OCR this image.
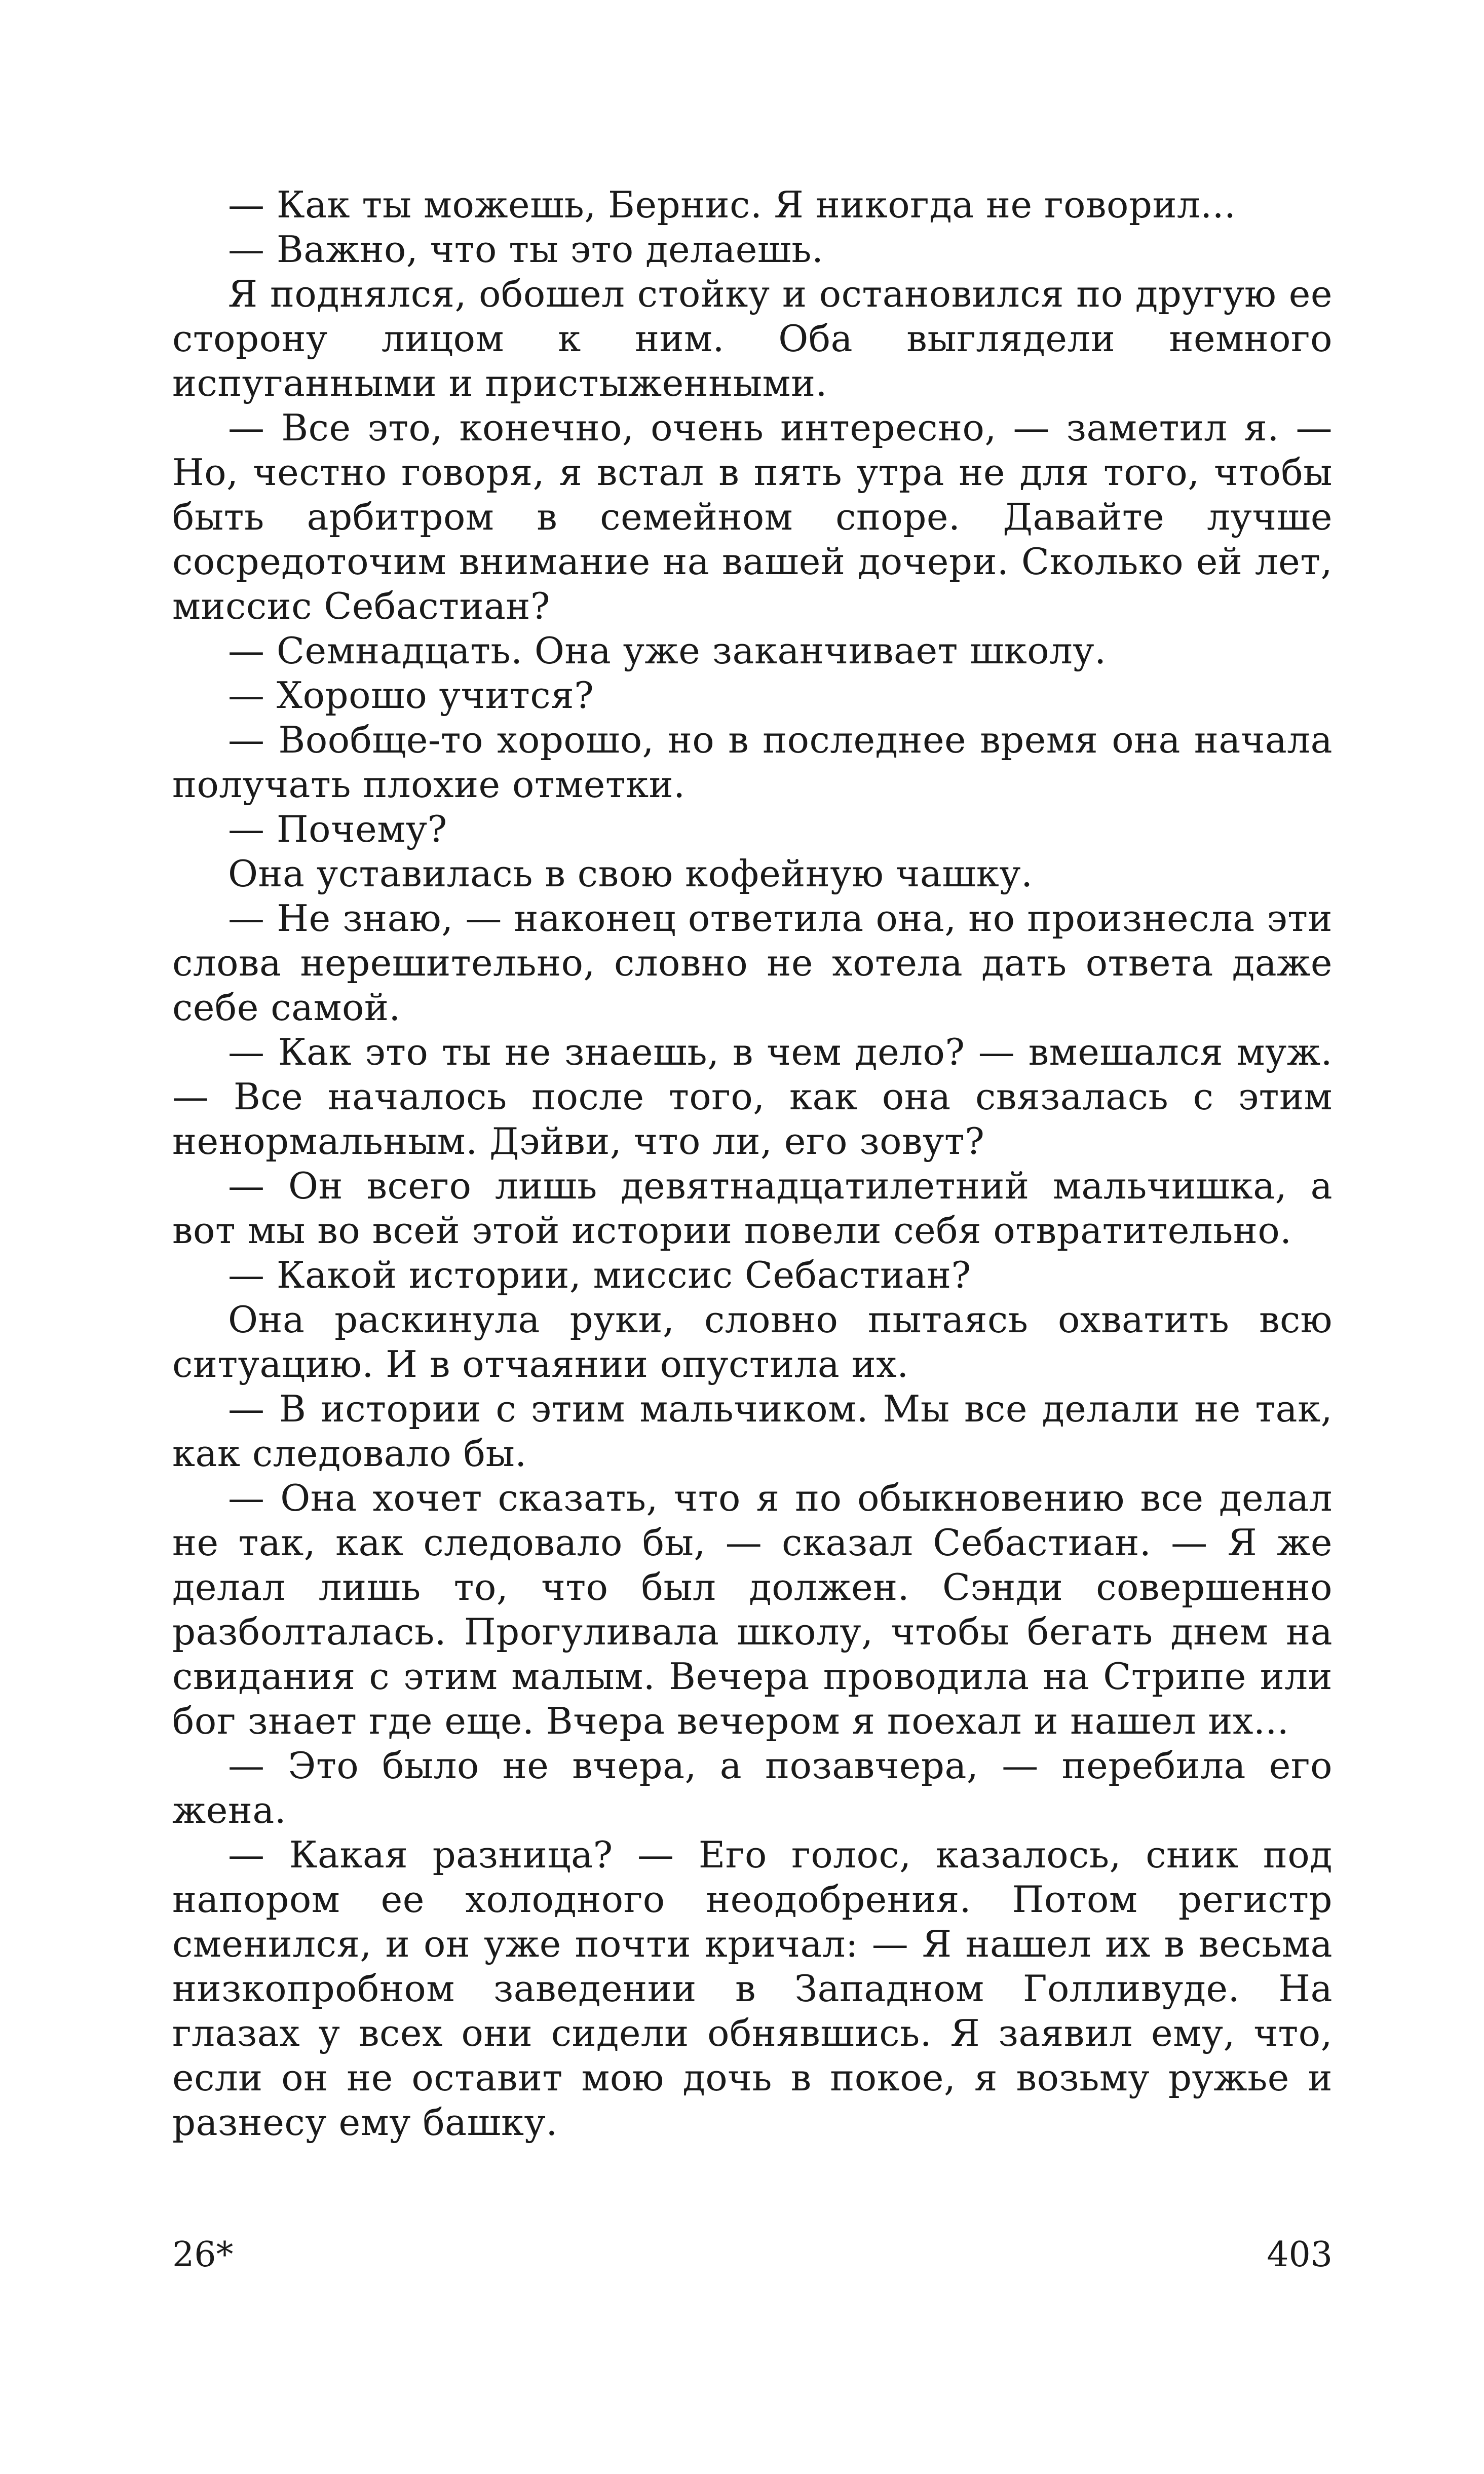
— Как ты можешь, Бернис. Я никогда не говорил...

— Важно, что ты это делаешь.

Я поднялся, обошел стойку и остановился по другую ее сторону лицом к ним. Оба выглядели немного испуганными и пристыженными.

— Все это, конечно, очень интересно, — заметил я. — Но, честно говоря, я встал в пять утра не для того, чтобы быть арбитром в семейном споре. Давайте лучше сосредоточим внимание на вашей дочери. Сколько ей лет, миссис Себастиан?

— Семнадцать. Она уже заканчивает школу.

— Хорошо учится?

— Вообще-то хорошо, но в последнее время она начала получать плохие отметки.

— Почему?

Она уставилась в свою кофейную чашку.

— Не знаю, — наконец ответила она, но произнесла эти слова нерешительно, словно не хотела дать ответа даже себе самой.

— Как это ты не знаешь, в чем дело? — вмешался муж. — Все началось после того, как она связалась с этим ненормальным. Дэйви, что ли, его зовут?

— Он всего лишь девятнадцатилетний мальчишка, а вот мы во всей этой истории повели себя отвратительно.

— Какой истории, миссис Себастиан?

Она раскинула руки, словно пытаясь охватить всю ситуацию. И в отчаянии опустила их.

— В истории с этим мальчиком. Мы все делали не так, как следовало бы.

— Она хочет сказать, что я по обыкновению все делал не так, как следовало бы, — сказал Себастиан. — Я же делал лишь то, что был должен. Сэнди совершенно разболталась. Прогуливала школу, чтобы бегать днем на свидания с этим малым. Вечера проводила на Стрипе или бог знает где еще. Вчера вечером я поехал и нашел их...

— Это было не вчера, а позавчера, — перебила его жена.

— Какая разница? — Его голос, казалось, сник под напором ее холодного неодобрения. Потом регистр сменился, и он уже почти кричал: — Я нашел их в весьма низкопробном заведении в Западном Голливуде. На глазах у всех они сидели обнявшись. Я заявил ему, что, если он не оставит мою дочь в покое, я возьму ружье и разнесу ему башку.

26*	403
